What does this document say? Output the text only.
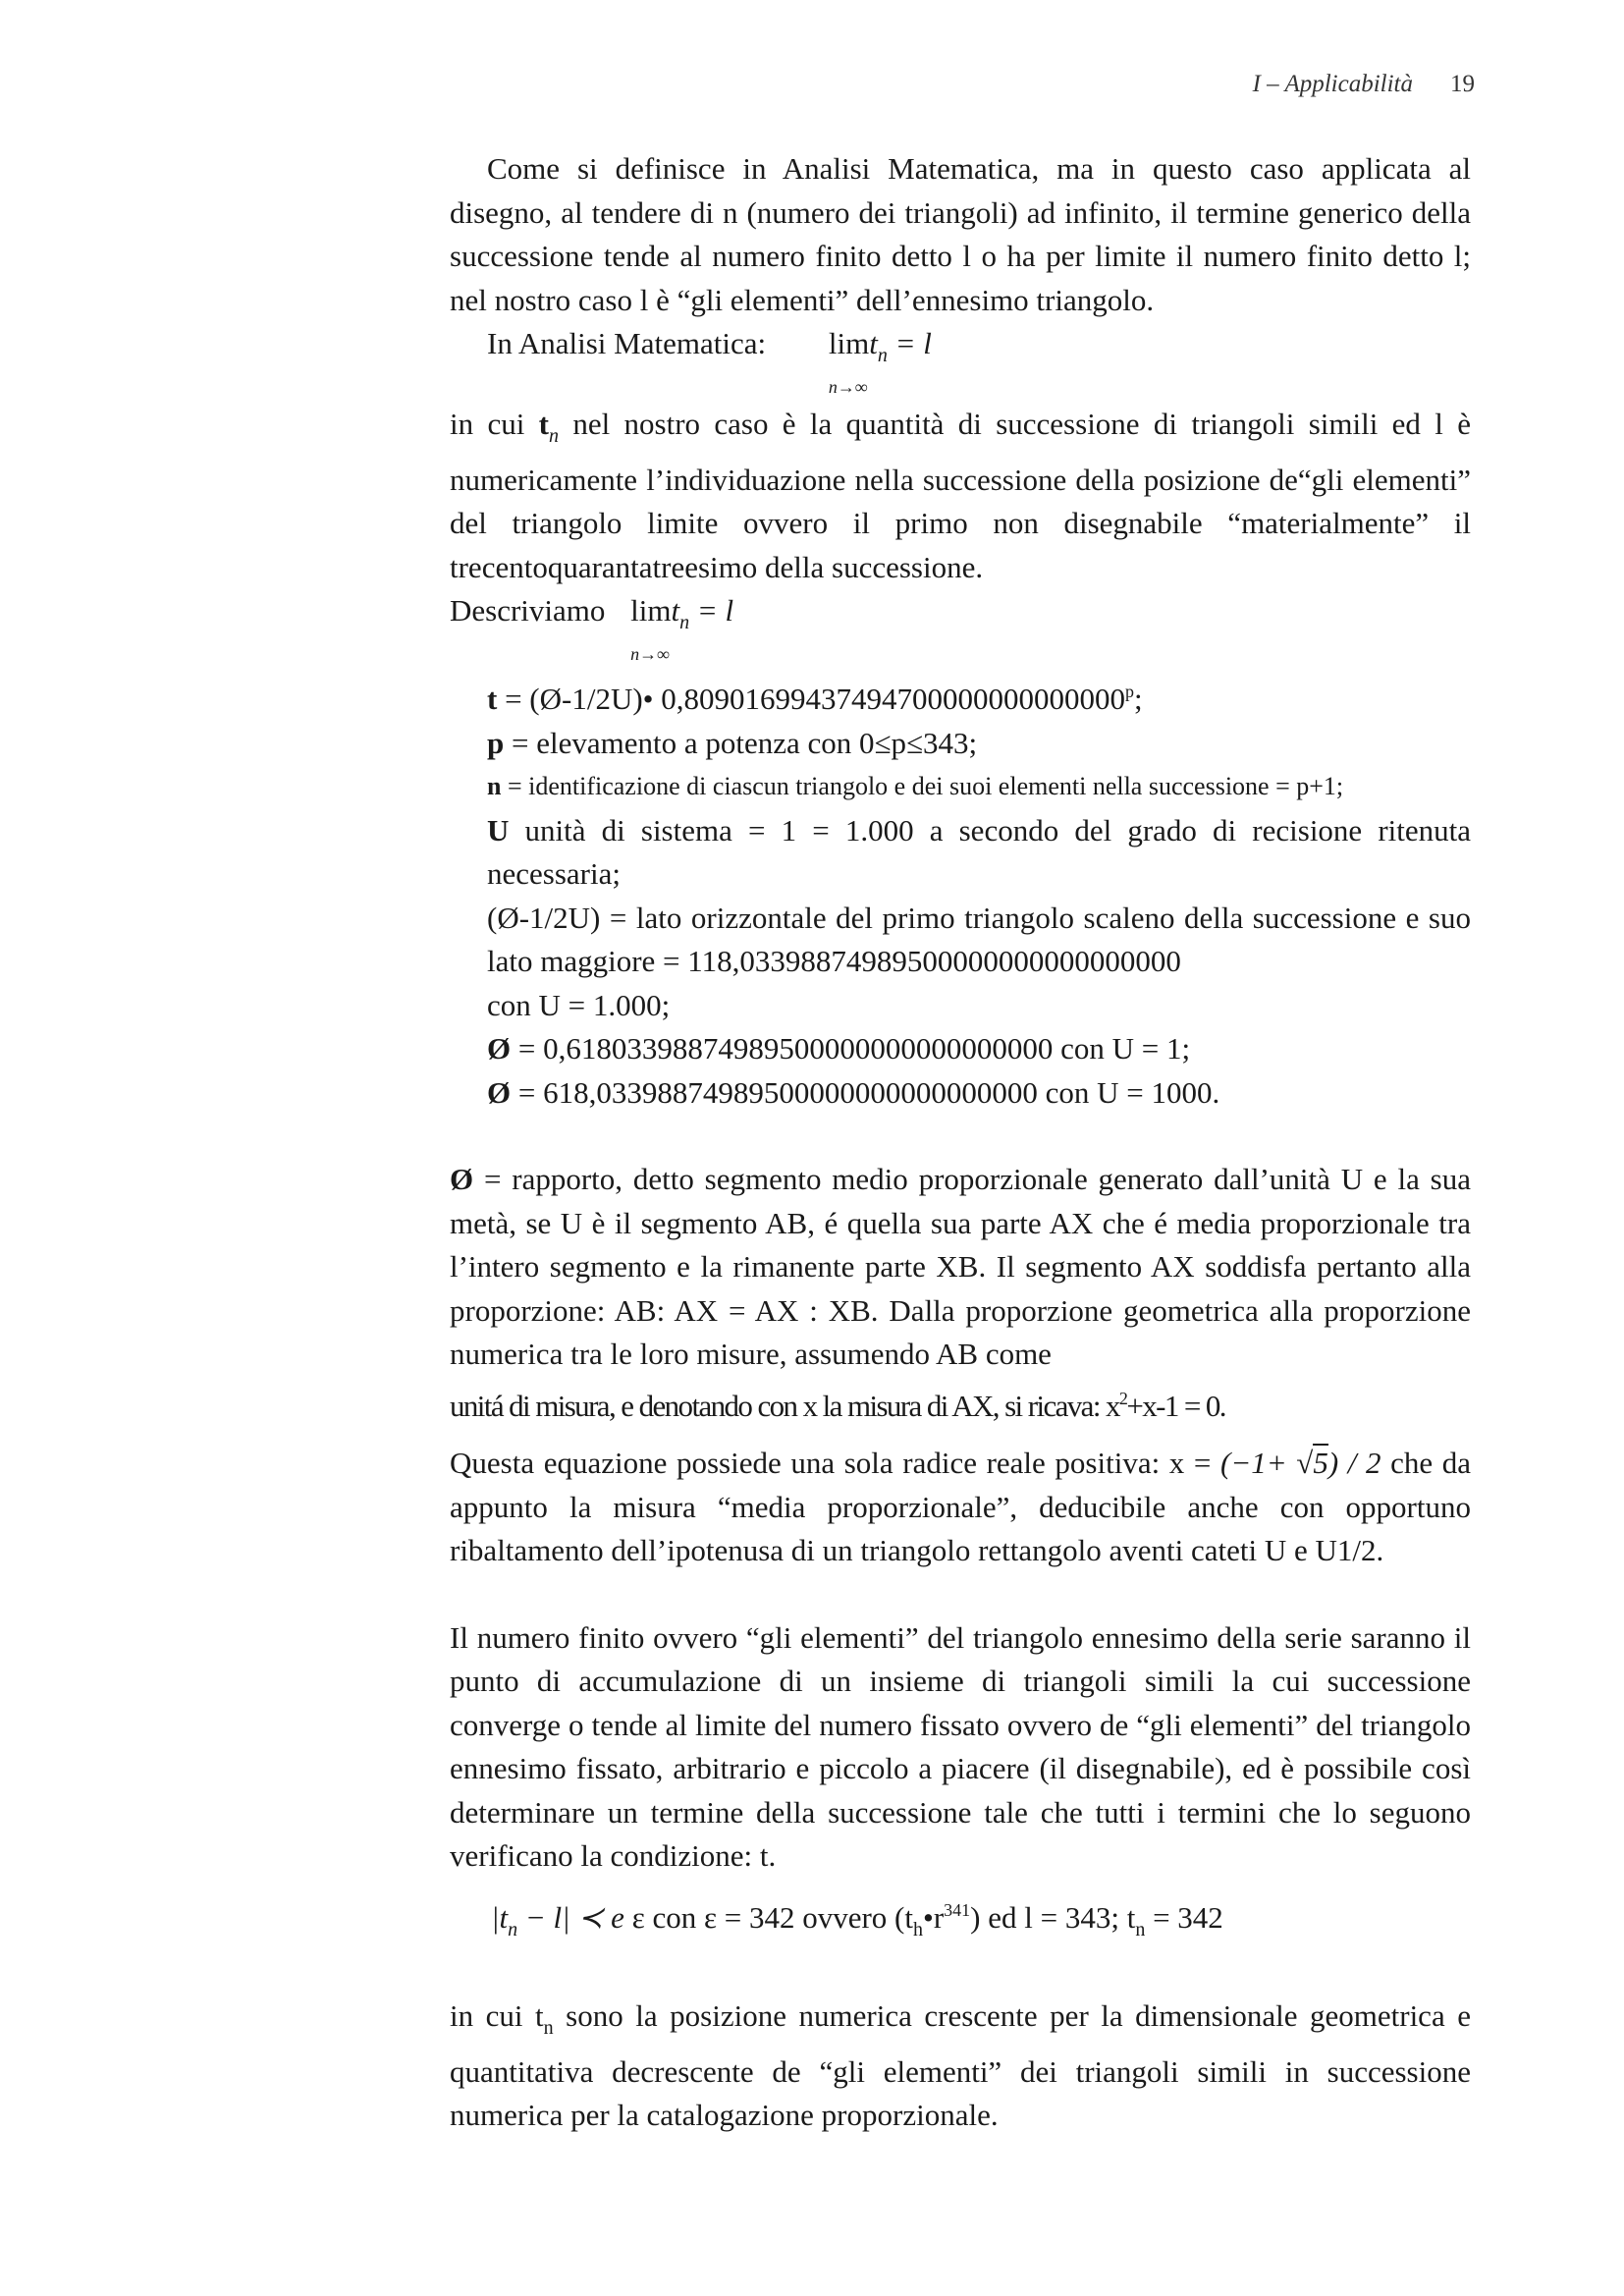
I – Applicabilità 19

Come si definisce in Analisi Matematica, ma in questo caso applicata al disegno, al tendere di n (numero dei triangoli) ad infinito, il termine generico della successione tende al numero finito detto l o ha per limite il numero finito detto l; nel nostro caso l è “gli elementi” dell’ennesimo triangolo.

In Analisi Matematica: limt$_n$ = l
n→∞

in cui $t_n$ nel nostro caso è la quantità di successione di triangoli simili ed l è numericamente l’individuazione nella successione della posizione de“gli elementi” del triangolo limite ovvero il primo non disegnabile “materialmente” il trecentoquarantatreesimo della successione.

Descriviamo limt$_n$ = l
n→∞

t = (Ø-1/2U)• 0,80901699437494700000000000000$^p$;

p = elevamento a potenza con 0≤p≤343;

n = identificazione di ciascun triangolo e dei suoi elementi nella successione = p+1;

U unità di sistema = 1 = 1.000 a secondo del grado di recisione ritenuta necessaria;

(Ø-1/2U) = lato orizzontale del primo triangolo scaleno della successione e suo lato maggiore = 118,03398874989500000000000000000

con U = 1.000;

Ø = 0,61803398874989500000000000000000 con U = 1;

Ø = 618,03398874989500000000000000000 con U = 1000.

Ø = rapporto, detto segmento medio proporzionale generato dall’unità U e la sua metà, se U è il segmento AB, é quella sua parte AX che é media proporzionale tra l’intero segmento e la rimanente parte XB. Il segmento AX soddisfa pertanto alla proporzione: AB: AX = AX : XB. Dalla proporzione geometrica alla proporzione numerica tra le loro misure, assumendo AB come

unitá di misura, e denotando con x la misura di AX, si ricava: $x^2+x-1 = 0$.

Questa equazione possiede una sola radice reale positiva: x = (−1+ √5) / 2 che da appunto la misura “media proporzionale”, deducibile anche con opportuno ribaltamento dell’ipotenusa di un triangolo rettangolo aventi cateti U e U1/2.

Il numero finito ovvero “gli elementi” del triangolo ennesimo della serie saranno il punto di accumulazione di un insieme di triangoli simili la cui successione converge o tende al limite del numero fissato ovvero de “gli elementi” del triangolo ennesimo fissato, arbitrario e piccolo a piacere (il disegnabile), ed è possibile così determinare un termine della successione tale che tutti i termini che lo seguono verificano la condizione: t.

$|t_n - l|$ ≺ e ε con ε = 342 ovvero $(t_h•r^{341})$ ed l = 343; $t_n = 342$

in cui $t_n$ sono la posizione numerica crescente per la dimensionale geometrica e quantitativa decrescente de “gli elementi” dei triangoli simili in successione numerica per la catalogazione proporzionale.
